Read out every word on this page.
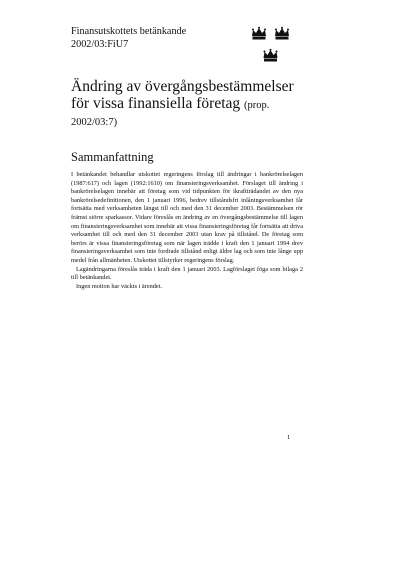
Finansutskottets betänkande
2002/03:FiU7
Ändring av övergångsbestämmelser
för vissa finansiella företag (prop.
2002/03:7)
Sammanfattning

I betänkandet behandlar utskottet regeringens förslag till ändringar i bankrörelselagen (1987:617) och lagen (1992:1610) om finansieringsverksamhet. Förslaget till ändring i bankrörelselagen innebär att företag som vid tidpunkten för ikraftträdandet av den nya bankrörelsedefinitionen, den 1 januari 1996, bedrev tillståndsfri inlåningsverksamhet får fortsätta med verksamheten längst till och med den 31 december 2003. Bestämmelsen rör främst större sparkassor. Vidare föreslås en ändring av en övergångsbestämmelse till lagen om finansieringsverksamhet som innebär att vissa finansieringsföretag får fortsätta att driva verksamhet till och med den 31 december 2003 utan krav på tillstånd. De företag som berörs är vissa finansieringsföretag som när lagen trädde i kraft den 1 januari 1994 drev finansieringsverksamhet som inte fordrade tillstånd enligt äldre lag och som inte långe upp medel från allmänheten. Utskottet tillstyrker regeringens förslag.

Lagändringarna föreslås träda i kraft den 1 januari 2003. Lagförslaget föga som bilaga 2 till betänkandet.

Ingen motion har väckts i ärendet.

1
